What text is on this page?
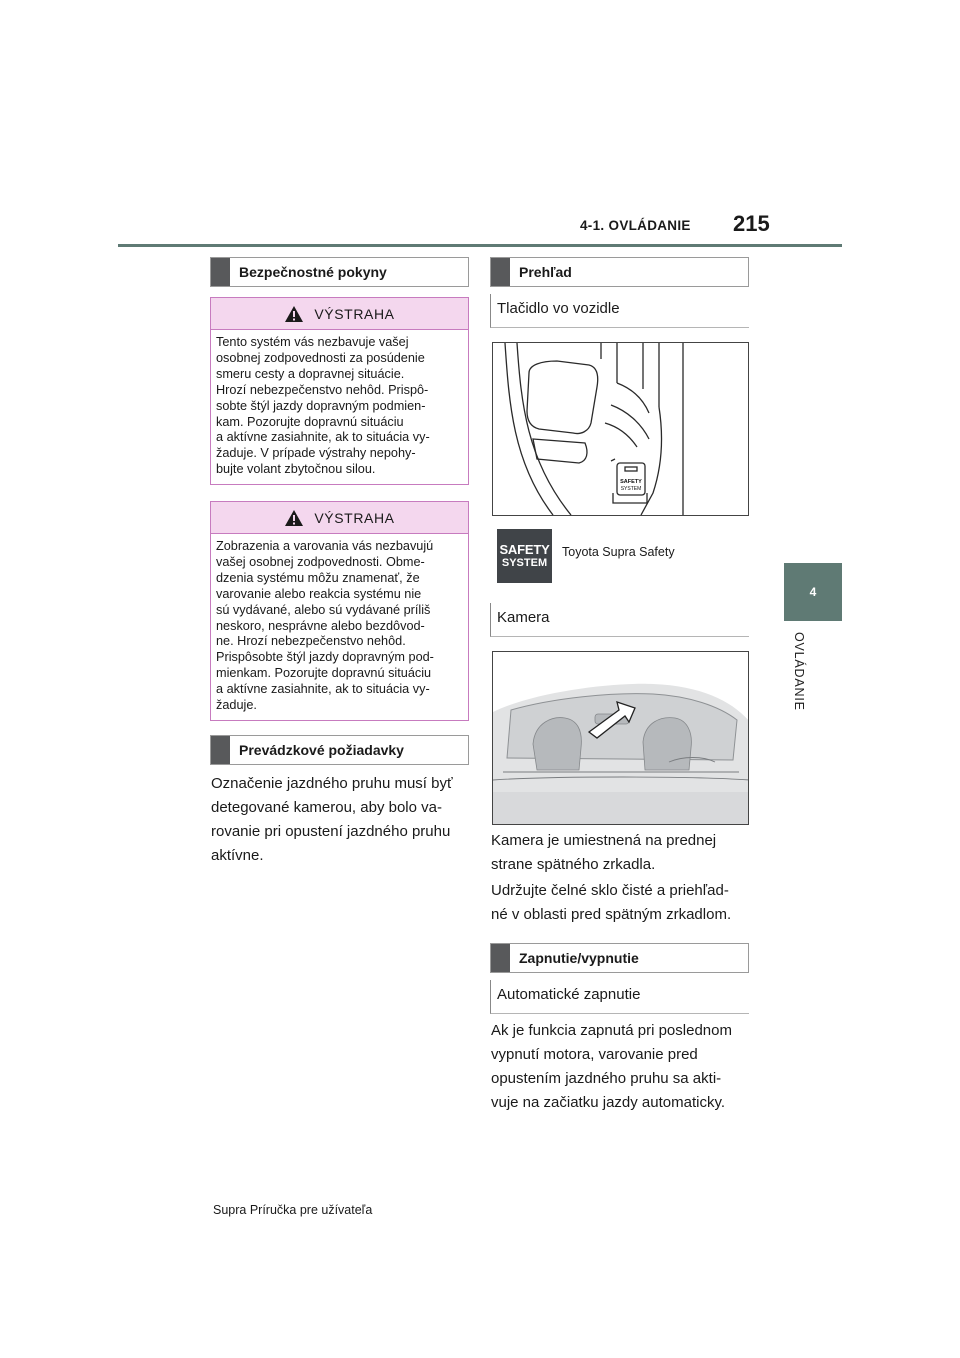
4-1. OVLÁDANIE 215
4
OVLÁDANIE
Bezpečnostné pokyny
VÝSTRAHA
Tento systém vás nezbavuje vašej
osobnej zodpovednosti za posúdenie
smeru cesty a dopravnej situácie.
Hrozí nebezpečenstvo nehôd. Prispô-
sobte štýl jazdy dopravným podmien-
kam. Pozorujte dopravnú situáciu
a aktívne zasiahnite, ak to situácia vy-
žaduje. V prípade výstrahy nepohy-
bujte volant zbytočnou silou.
VÝSTRAHA
Zobrazenia a varovania vás nezbavujú
vašej osobnej zodpovednosti. Obme-
dzenia systému môžu znamenať, že
varovanie alebo reakcia systému nie
sú vydávané, alebo sú vydávané príliš
neskoro, nesprávne alebo bezdôvod-
ne. Hrozí nebezpečenstvo nehôd.
Prispôsobte štýl jazdy dopravným pod-
mienkam. Pozorujte dopravnú situáciu
a aktívne zasiahnite, ak to situácia vy-
žaduje.
Prevádzkové požiadavky
Označenie jazdného pruhu musí byť
detegované kamerou, aby bolo va-
rovanie pri opustení jazdného pruhu
aktívne.
Prehľad
Tlačidlo vo vozidle
SAFETY
SYSTEM
SAFETY
SYSTEM
Toyota Supra Safety
Kamera
Kamera je umiestnená na prednej
strane spätného zrkadla.
Udržujte čelné sklo čisté a priehľad-
né v oblasti pred spätným zrkadlom.
Zapnutie/vypnutie
Automatické zapnutie
Ak je funkcia zapnutá pri poslednom
vypnutí motora, varovanie pred
opustením jazdného pruhu sa akti-
vuje na začiatku jazdy automaticky.
Supra Príručka pre užívateľa
